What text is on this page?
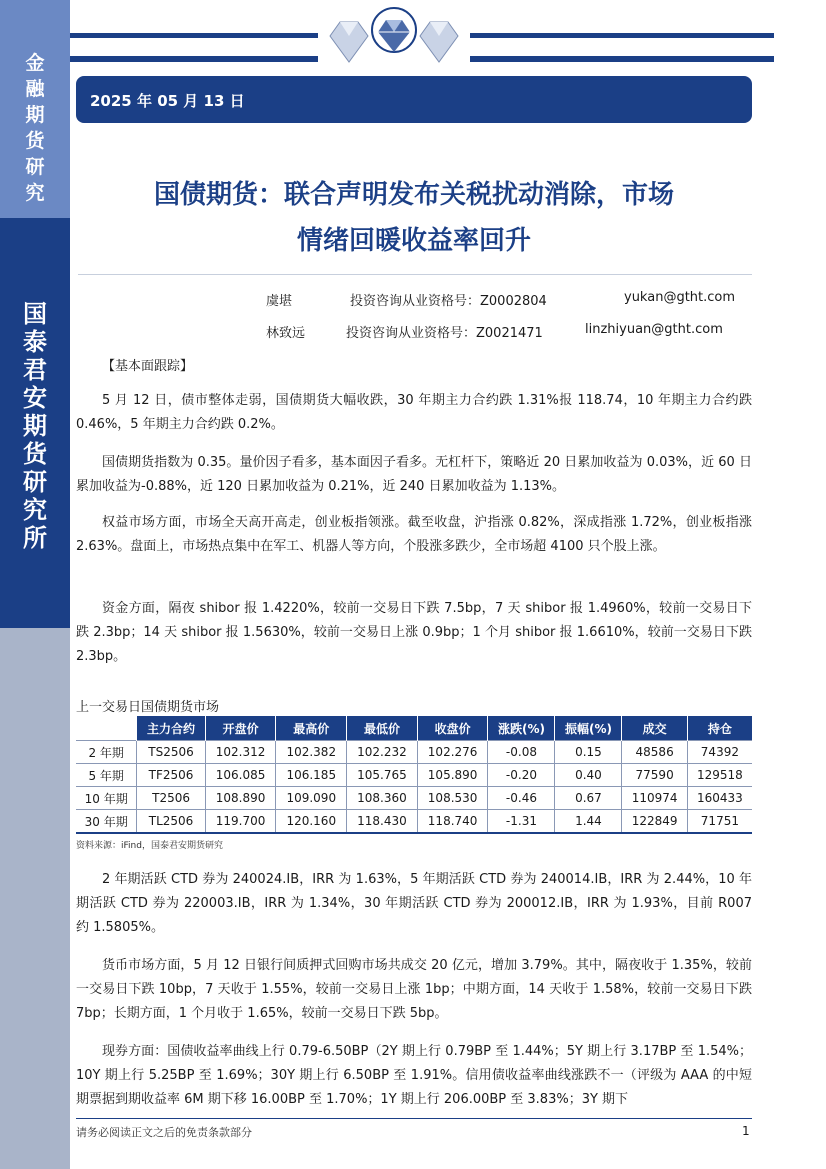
金融期货研究
国泰君安期货研究所
2025 年 05 月 13 日
国债期货：联合声明发布关税扰动消除，市场
情绪回暖收益率回升
虞堪	投资咨询从业资格号：Z0002804	yukan@gtht.com
林致远	投资咨询从业资格号：Z0021471	linzhiyuan@gtht.com
【基本面跟踪】
5 月 12 日，债市整体走弱，国债期货大幅收跌，30 年期主力合约跌 1.31%报 118.74，10 年期主力合约跌 0.46%，5 年期主力合约跌 0.2%。
国债期货指数为 0.35。量价因子看多，基本面因子看多。无杠杆下，策略近 20 日累加收益为 0.03%，近 60 日累加收益为-0.88%，近 120 日累加收益为 0.21%，近 240 日累加收益为 1.13%。
权益市场方面，市场全天高开高走，创业板指领涨。截至收盘，沪指涨 0.82%，深成指涨 1.72%，创业板指涨 2.63%。盘面上，市场热点集中在军工、机器人等方向，个股涨多跌少，全市场超 4100 只个股上涨。
资金方面，隔夜 shibor 报 1.4220%，较前一交易日下跌 7.5bp，7 天 shibor 报 1.4960%，较前一交易日下跌 2.3bp；14 天 shibor 报 1.5630%，较前一交易日上涨 0.9bp；1 个月 shibor 报 1.6610%，较前一交易日下跌 2.3bp。
上一交易日国债期货市场
	主力合约	开盘价	最高价	最低价	收盘价	涨跌(%)	振幅(%)	成交	持仓
2 年期	TS2506	102.312	102.382	102.232	102.276	-0.08	0.15	48586	74392
5 年期	TF2506	106.085	106.185	105.765	105.890	-0.20	0.40	77590	129518
10 年期	T2506	108.890	109.090	108.360	108.530	-0.46	0.67	110974	160433
30 年期	TL2506	119.700	120.160	118.430	118.740	-1.31	1.44	122849	71751
资料来源：iFind，国泰君安期货研究
2 年期活跃 CTD 券为 240024.IB，IRR 为 1.63%，5 年期活跃 CTD 券为 240014.IB，IRR 为 2.44%，10 年期活跃 CTD 券为 220003.IB，IRR 为 1.34%，30 年期活跃 CTD 券为 200012.IB，IRR 为 1.93%，目前 R007 约 1.5805%。
货币市场方面，5 月 12 日银行间质押式回购市场共成交 20 亿元，增加 3.79%。其中，隔夜收于 1.35%，较前一交易日下跌 10bp，7 天收于 1.55%，较前一交易日上涨 1bp；中期方面，14 天收于 1.58%，较前一交易日下跌 7bp；长期方面，1 个月收于 1.65%，较前一交易日下跌 5bp。
现券方面：国债收益率曲线上行 0.79-6.50BP（2Y 期上行 0.79BP 至 1.44%；5Y 期上行 3.17BP 至 1.54%；10Y 期上行 5.25BP 至 1.69%；30Y 期上行 6.50BP 至 1.91%。信用债收益率曲线涨跌不一（评级为 AAA 的中短期票据到期收益率 6M 期下移 16.00BP 至 1.70%；1Y 期上行 206.00BP 至 3.83%；3Y 期下
请务必阅读正文之后的免责条款部分	1
